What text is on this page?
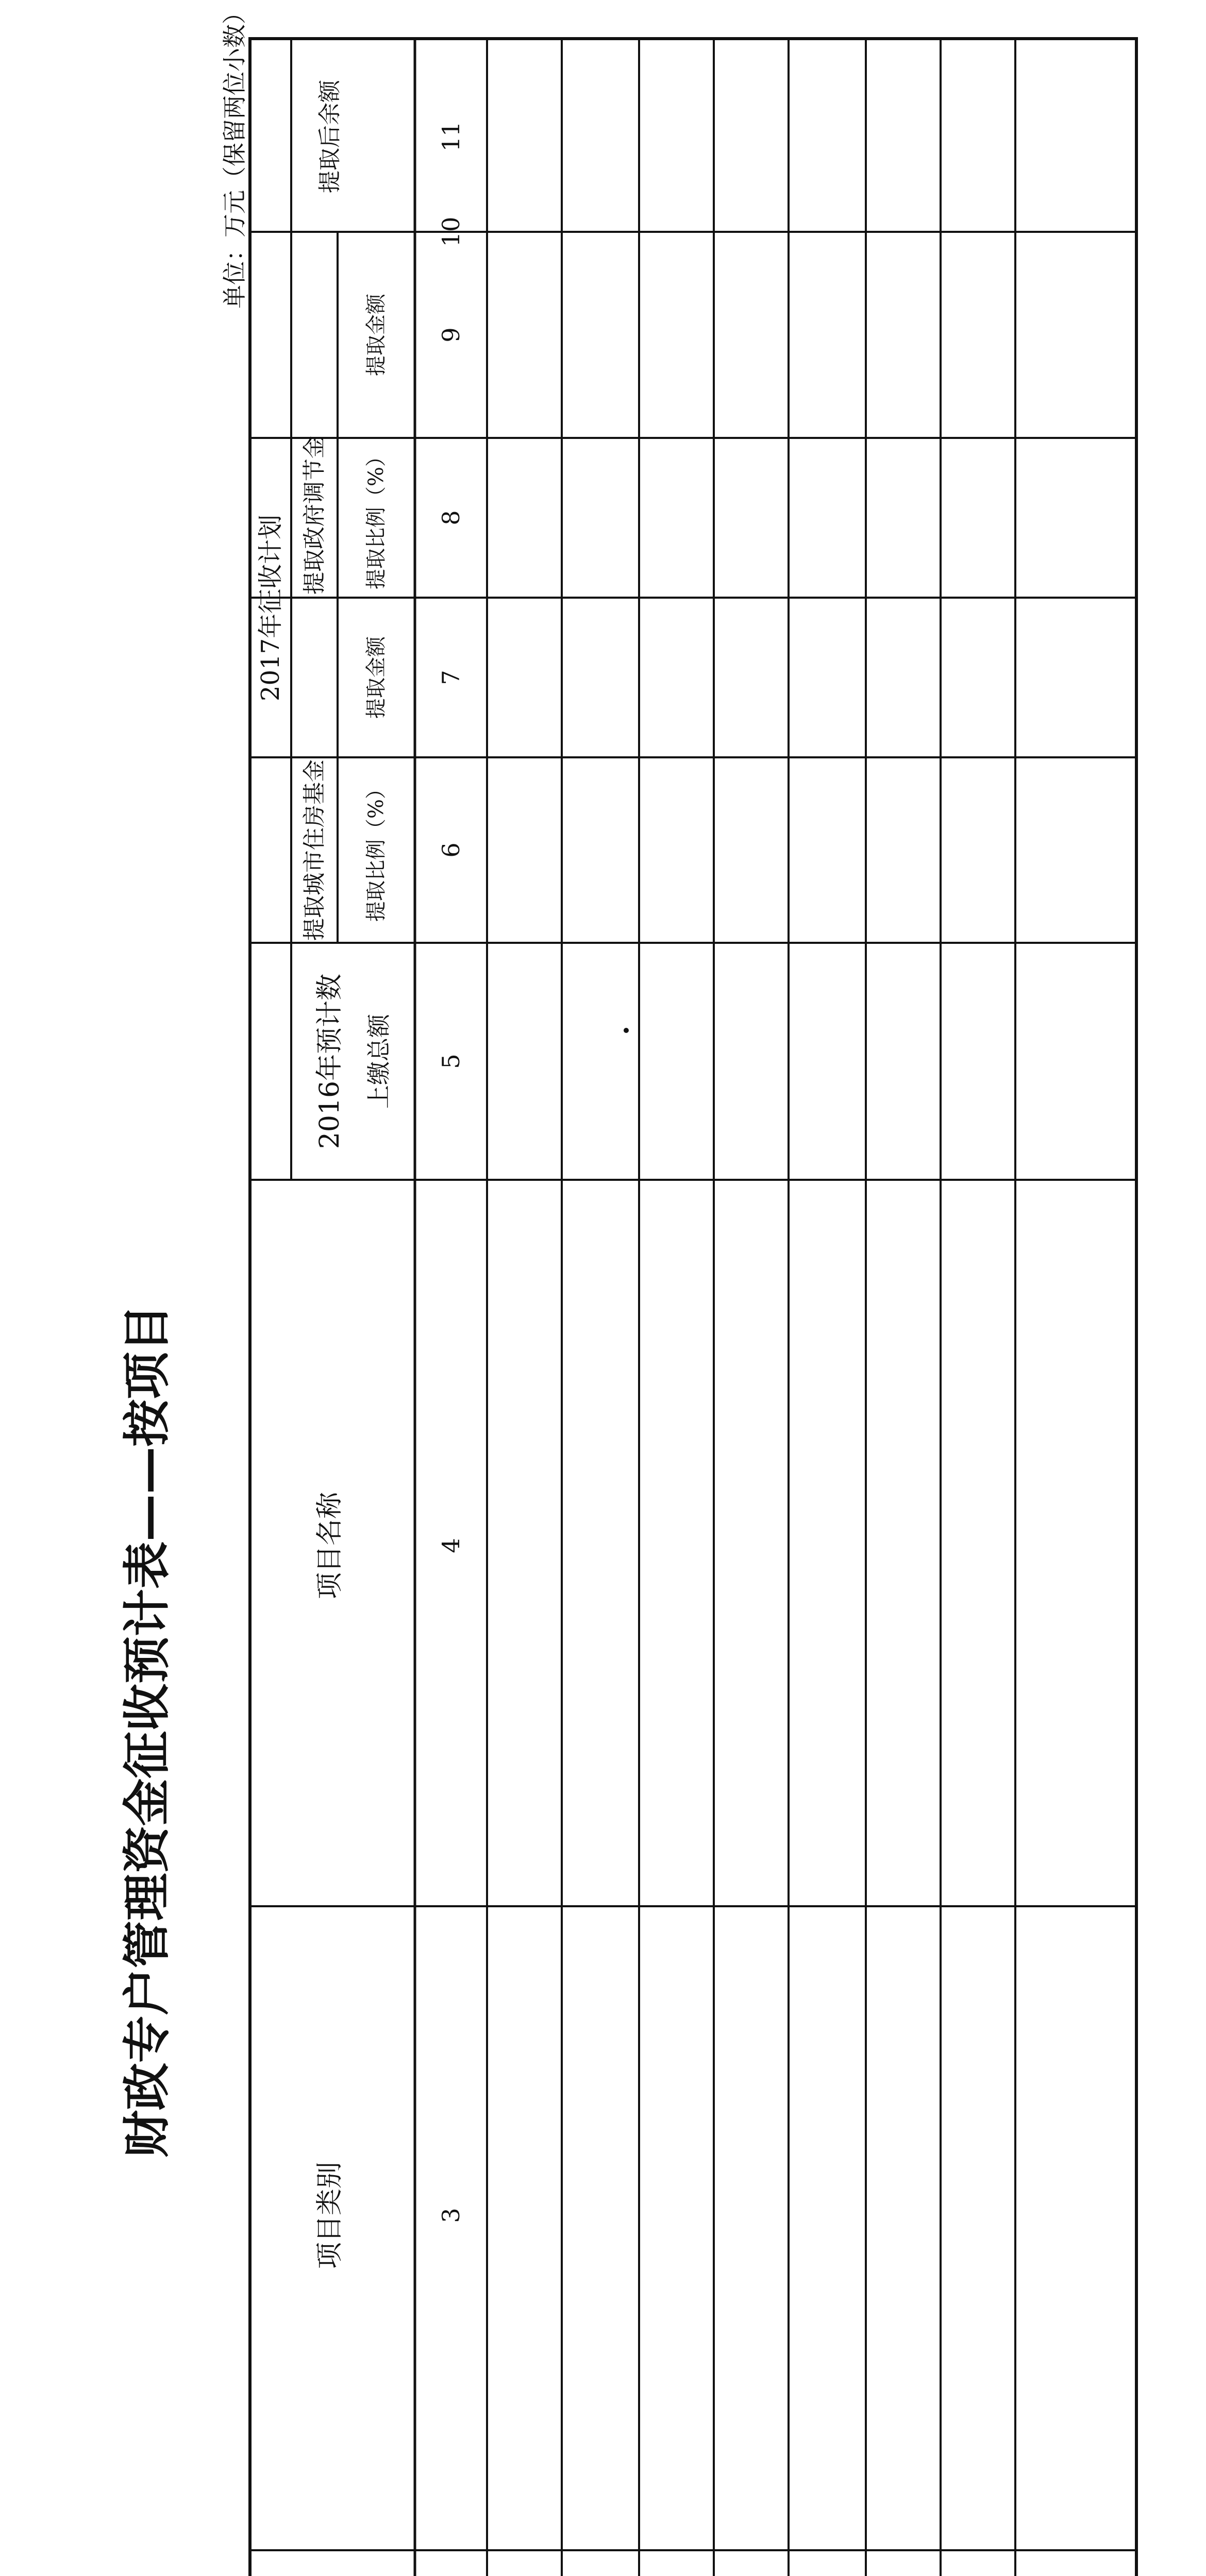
财政专户管理资金征收预计表——按项目
单位：万元（保留两位小数）
项目类别
项目名称
2016年预计数
2017年征收计划
上缴总额
提取城市住房基金
提取政府调节金
提取比例（%）
提取金额
提取比例（%）
提取金额
提取后余额
3
4
5
6
7
8
9
10
11
